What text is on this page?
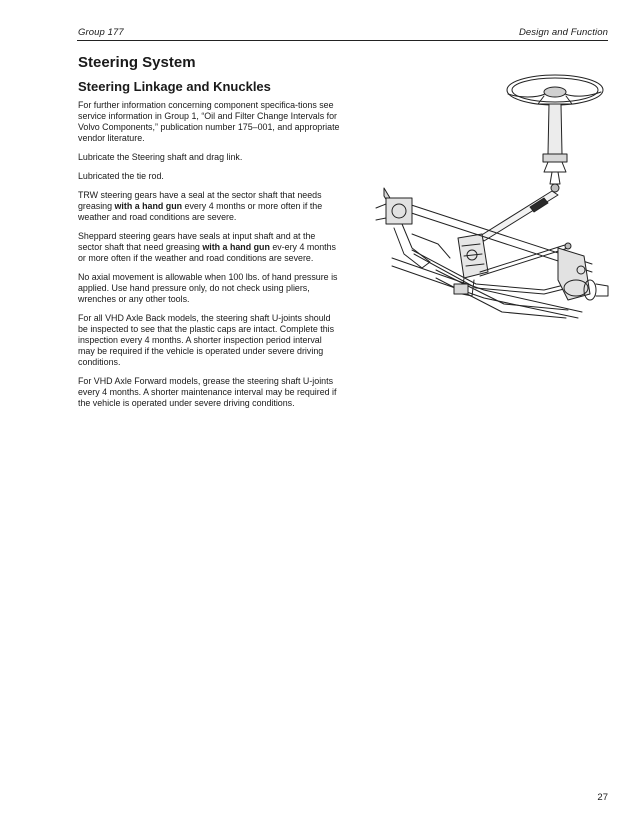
Group 177	Design and Function
Steering System
Steering Linkage and Knuckles

For further information concerning component specifica-tions see service information in Group 1, “Oil and Filter Change Intervals for Volvo Components,” publication number 175–001, and appropriate vendor literature.

Lubricate the Steering shaft and drag link.

Lubricated the tie rod.

TRW steering gears have a seal at the sector shaft that needs greasing with a hand gun every 4 months or more often if the weather and road conditions are severe.

Sheppard steering gears have seals at input shaft and at the sector shaft that need greasing with a hand gun ev-ery 4 months or more often if the weather and road conditions are severe.

No axial movement is allowable when 100 lbs. of hand pressure is applied. Use hand pressure only, do not check using pliers, wrenches or any other tools.

For all VHD Axle Back models, the steering shaft U-joints should be inspected to see that the plastic caps are intact. Complete this inspection every 4 months. A shorter inspection period interval may be required if the vehicle is operated under severe driving conditions.

For VHD Axle Forward models, grease the steering shaft U-joints every 4 months. A shorter maintenance interval may be required if the vehicle is operated under severe driving conditions.

27
